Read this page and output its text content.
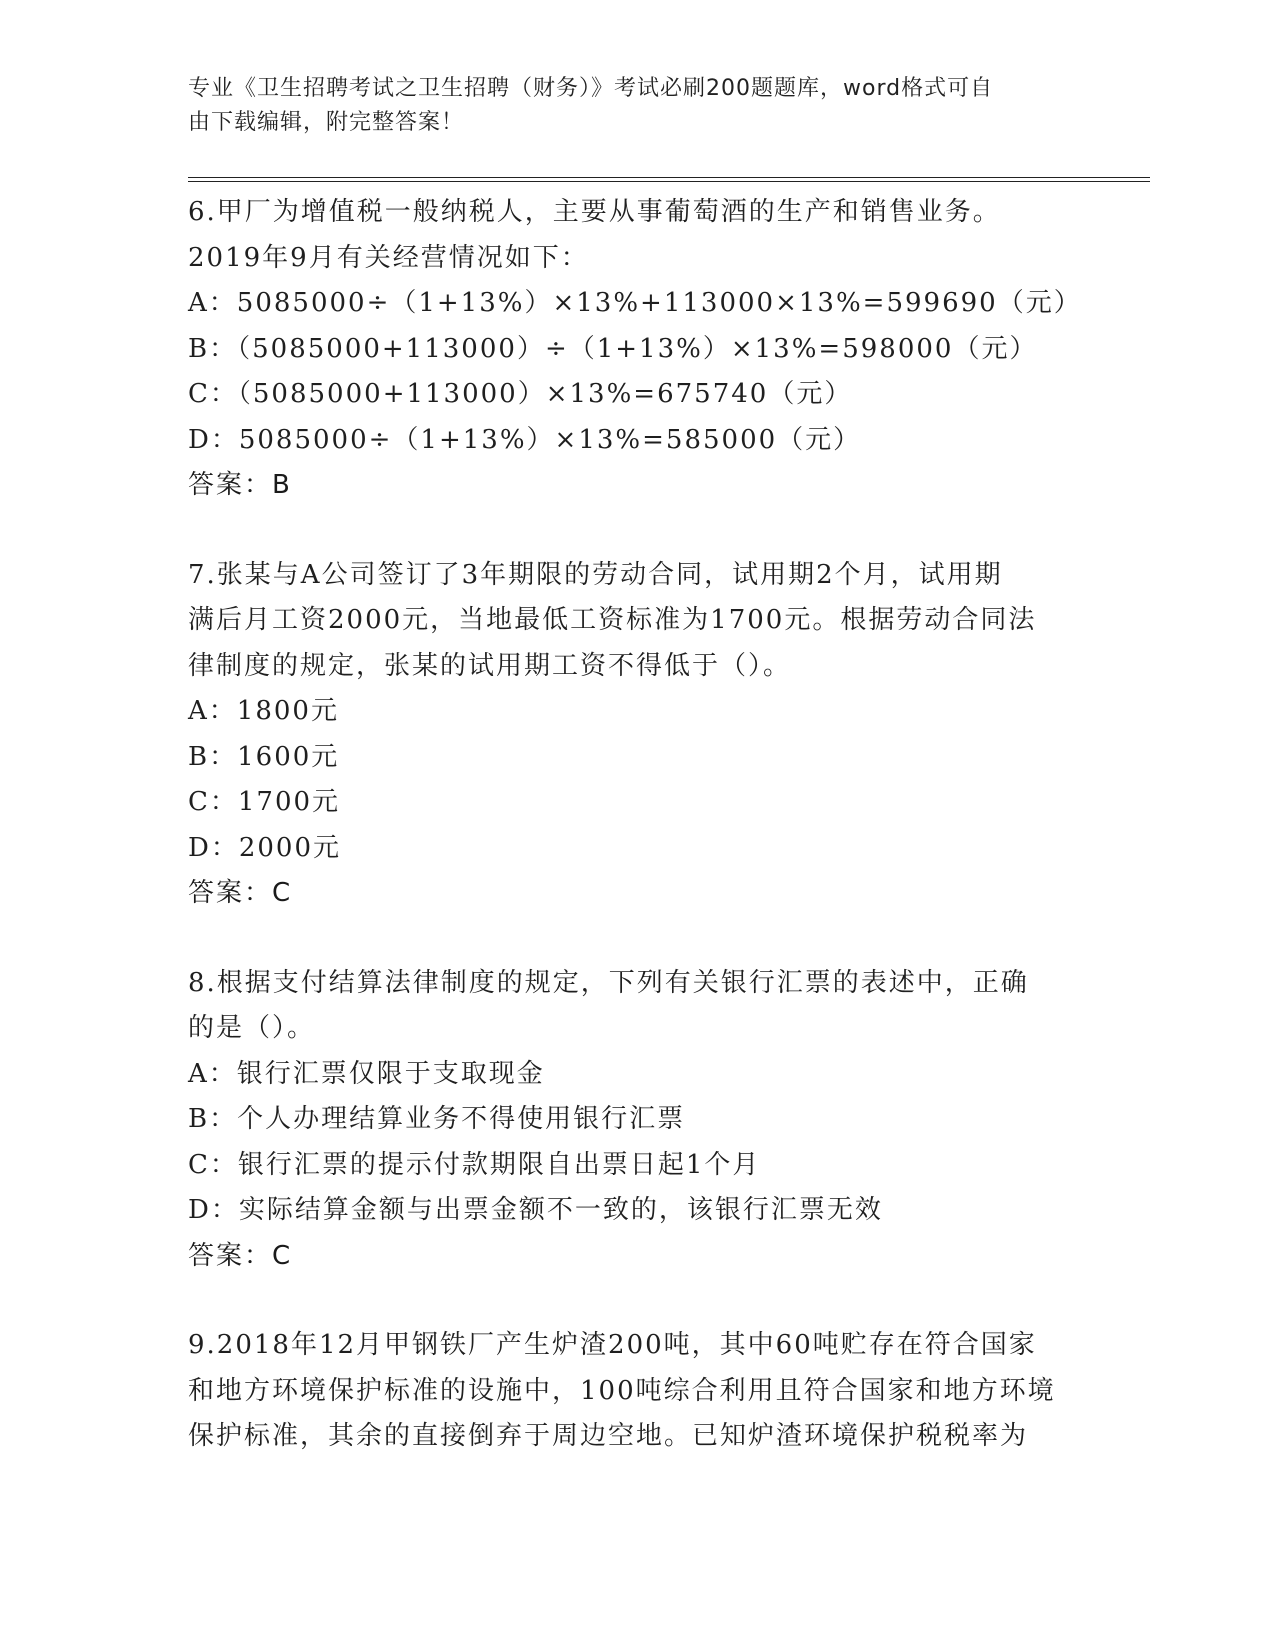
专业《卫生招聘考试之卫生招聘（财务）》考试必刷200题题库，word格式可自
由下载编辑，附完整答案！
6.甲厂为增值税一般纳税人，主要从事葡萄酒的生产和销售业务。
2019年9月有关经营情况如下：
A：5085000÷（1+13%）×13%+113000×13%=599690（元）
B：（5085000+113000）÷（1+13%）×13%=598000（元）
C：（5085000+113000）×13%=675740（元）
D：5085000÷（1+13%）×13%=585000（元）
答案：B
7.张某与A公司签订了3年期限的劳动合同，试用期2个月，试用期
满后月工资2000元，当地最低工资标准为1700元。根据劳动合同法
律制度的规定，张某的试用期工资不得低于（）。
A：1800元
B：1600元
C：1700元
D：2000元
答案：C
8.根据支付结算法律制度的规定，下列有关银行汇票的表述中，正确
的是（）。
A：银行汇票仅限于支取现金
B：个人办理结算业务不得使用银行汇票
C：银行汇票的提示付款期限自出票日起1个月
D：实际结算金额与出票金额不一致的，该银行汇票无效
答案：C
9.2018年12月甲钢铁厂产生炉渣200吨，其中60吨贮存在符合国家
和地方环境保护标准的设施中，100吨综合利用且符合国家和地方环境
保护标准，其余的直接倒弃于周边空地。已知炉渣环境保护税税率为
